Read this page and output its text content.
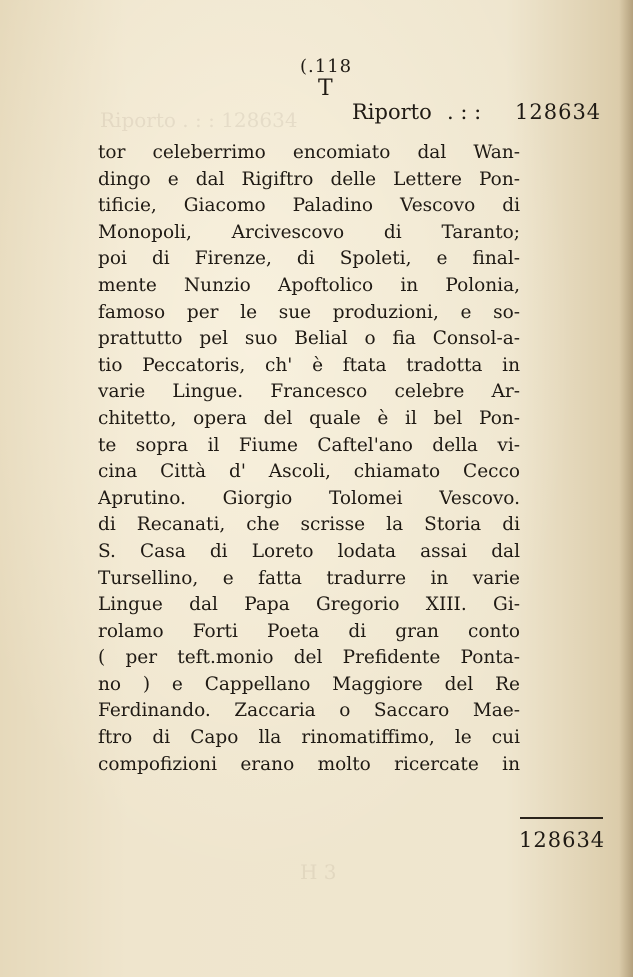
Riporto . : : 128634
(.118
T
Riporto . : : 128634
tor celeberrimo encomiato dal Wan-
dingo e dal Rigiftro delle Lettere Pon-
tificie, Giacomo Paladino Vescovo di
Monopoli, Arcivescovo di Taranto;
poi di Firenze, di Spoleti, e final-
mente Nunzio Apoftolico in Polonia,
famoso per le sue produzioni, e so-
prattutto pel suo Belial o fia Consol-a-
tio Peccatoris, ch' è ftata tradotta in
varie Lingue. Francesco celebre Ar-
chitetto, opera del quale è il bel Pon-
te sopra il Fiume Caftel'ano della vi-
cina Città d' Ascoli, chiamato Cecco
Aprutino. Giorgio Tolomei Vescovo.
di Recanati, che scrisse la Storia di
S. Casa di Loreto lodata assai dal
Tursellino, e fatta tradurre in varie
Lingue dal Papa Gregorio XIII. Gi-
rolamo Forti Poeta di gran conto
( per teft.monio del Prefidente Ponta-
no ) e Cappellano Maggiore del Re
Ferdinando. Zaccaria o Saccaro Mae-
ftro di Capo lla rinomatiffimo, le cui
compofizioni erano molto ricercate in
128634
H 3
